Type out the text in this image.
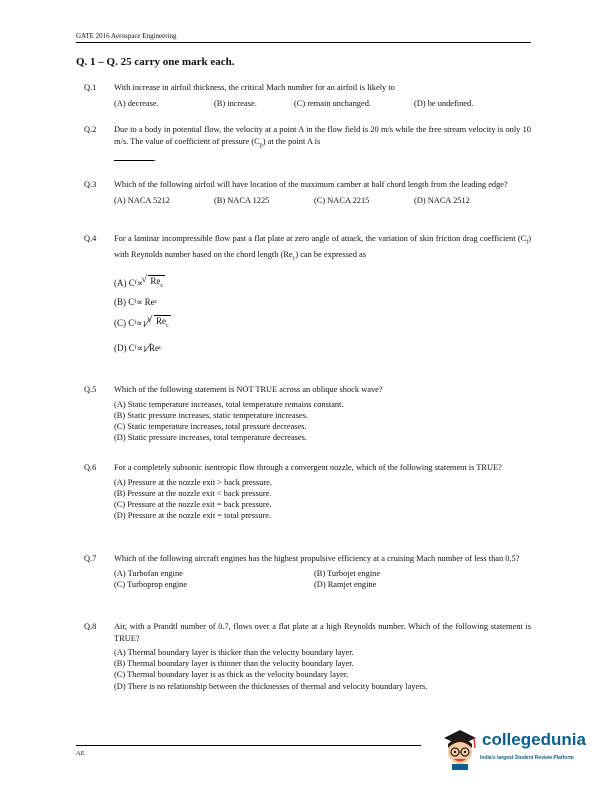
GATE 2016 Aerospace Engineering
Q. 1 – Q. 25 carry one mark each.
Q.1 With increase in airfoil thickness, the critical Mach number for an airfoil is likely to
(A) decrease.	(B) increase.	(C) remain unchanged.	(D) be undefined.
Q.2 Due to a body in potential flow, the velocity at a point A in the flow field is 20 m/s while the free stream velocity is only 10 m/s. The value of coefficient of pressure $(C_p)$ at the point A is
.
Q.3 Which of the following airfoil will have location of the maximum camber at half chord length from the leading edge?
(A) NACA 5212	(B) NACA 1225	(C) NACA 2215	(D) NACA 2512
Q.4 For a laminar incompressible flow past a flat plate at zero angle of attack, the variation of skin friction drag coefficient $(C_f)$ with Reynolds number based on the chord length $(Re_c)$ can be expressed as
(A) C f ∝
√ $Re_c$
(B) C f ∝ Re c
(C) C f ∝ 1 ⁄
√ $Re_c$
(D) C f ∝ 1 ⁄ Re c
Q.5 Which of the following statement is NOT TRUE across an oblique shock wave?
(A) Static temperature increases, total temperature remains constant.
(B) Static pressure increases, static temperature increases.
(C) Static temperature increases, total pressure decreases.
(D) Static pressure increases, total temperature decreases.
Q.6 For a completely subsonic isentropic flow through a convergent nozzle, which of the following statement is TRUE?
(A) Pressure at the nozzle exit > back pressure.
(B) Pressure at the nozzle exit < back pressure.
(C) Pressure at the nozzle exit = back pressure.
(D) Pressure at the nozzle exit = total pressure.
Q.7 Which of the following aircraft engines has the highest propulsive efficiency at a cruising Mach number of less than 0.5?
(A) Turbofan engine	(B) Turbojet engine
(C) Turboprop engine	(D) Ramjet engine
Q.8 Air, with a Prandtl number of 0.7, flows over a flat plate at a high Reynolds number. Which of the following statement is TRUE?
(A) Thermal boundary layer is thicker than the velocity boundary layer.
(B) Thermal boundary layer is thinner than the velocity boundary layer.
(C) Thermal boundary layer is as thick as the velocity boundary layer.
(D) There is no relationship between the thicknesses of thermal and velocity boundary layers.
AE
collegedunia
India's largest Student Review Platform
